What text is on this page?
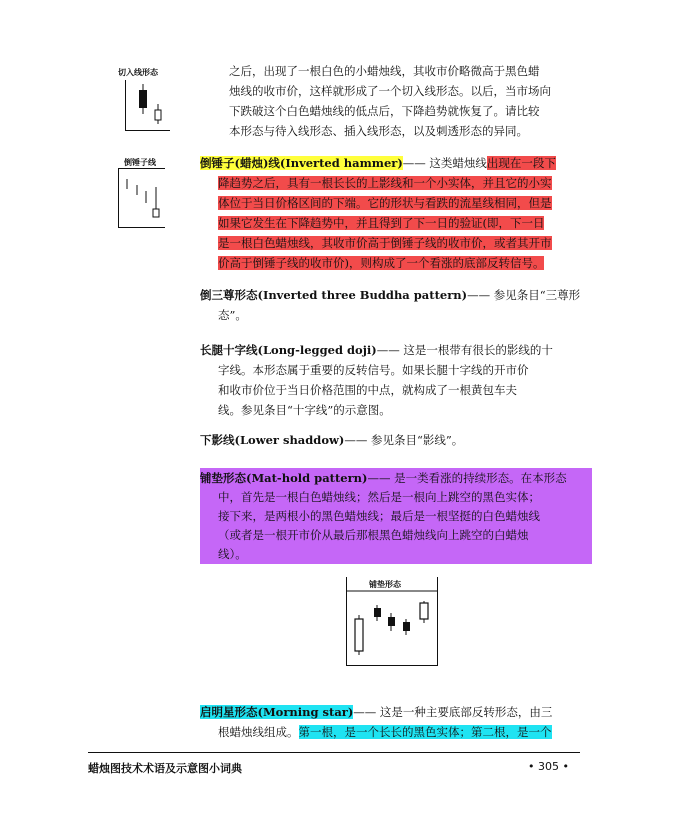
切入线形态
倒锤子线
之后，出现了一根白色的小蜡烛线，其收市价略微高于黑色蜡
烛线的收市价，这样就形成了一个切入线形态。以后，当市场向
下跌破这个白色蜡烛线的低点后，下降趋势就恢复了。请比较
本形态与待入线形态、插入线形态，以及刺透形态的异同。
倒锤子(蜡烛)线(Inverted hammer)—— 这类蜡烛线出现在一段下
降趋势之后，具有一根长长的上影线和一个小实体，并且它的小实
体位于当日价格区间的下端。它的形状与看跌的流星线相同，但是
如果它发生在下降趋势中，并且得到了下一日的验证(即，下一日
是一根白色蜡烛线，其收市价高于倒锤子线的收市价，或者其开市
价高于倒锤子线的收市价)，则构成了一个看涨的底部反转信号。
倒三尊形态(Inverted three Buddha pattern)—— 参见条目“三尊形
态”。
长腿十字线(Long-legged doji)—— 这是一根带有很长的影线的十
字线。本形态属于重要的反转信号。如果长腿十字线的开市价
和收市价位于当日价格范围的中点，就构成了一根黄包车夫
线。参见条目“十字线”的示意图。
下影线(Lower shaddow)—— 参见条目“影线”。
铺垫形态(Mat-hold pattern)—— 是一类看涨的持续形态。在本形态
中，首先是一根白色蜡烛线；然后是一根向上跳空的黑色实体；
接下来，是两根小的黑色蜡烛线；最后是一根坚挺的白色蜡烛线
（或者是一根开市价从最后那根黑色蜡烛线向上跳空的白蜡烛
线）。
铺垫形态
启明星形态(Morning star)—— 这是一种主要底部反转形态，由三
根蜡烛线组成。第一根，是一个长长的黑色实体；第二根，是一个
蜡烛图技术术语及示意图小词典	• 305 •
